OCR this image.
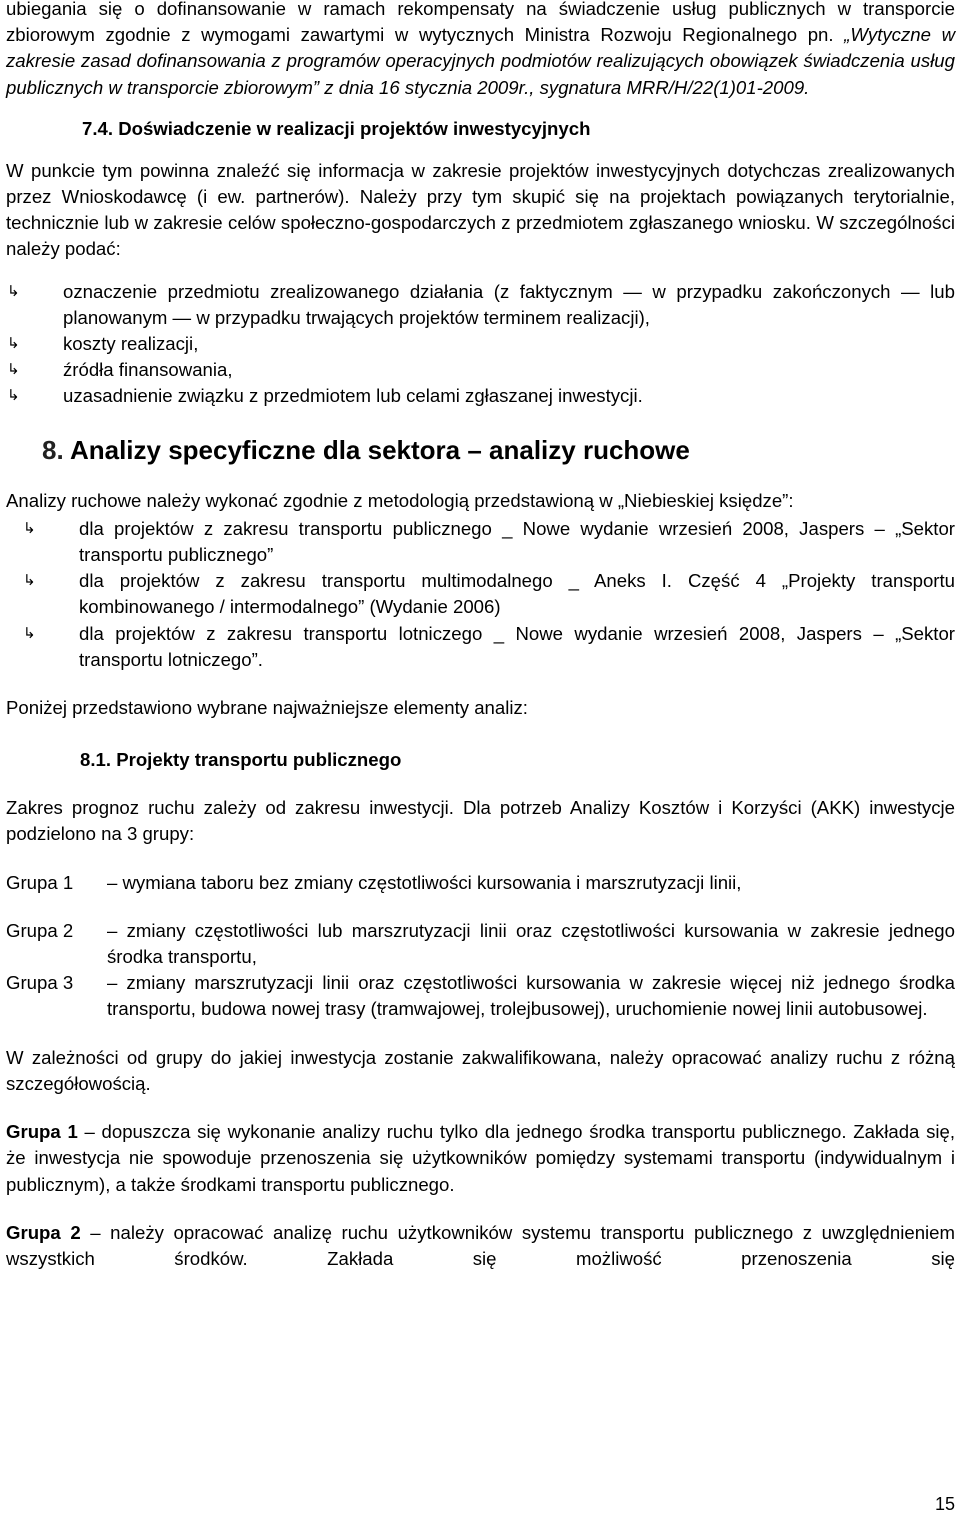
ubiegania się o dofinansowanie w ramach rekompensaty na świadczenie usług publicznych w transporcie zbiorowym zgodnie z wymogami zawartymi w wytycznych Ministra Rozwoju Regionalnego pn. „Wytyczne w zakresie zasad dofinansowania z programów operacyjnych podmiotów realizujących obowiązek świadczenia usług publicznych w transporcie zbiorowym” z dnia 16 stycznia 2009r., sygnatura MRR/H/22(1)01-2009.

7.4. Doświadczenie w realizacji projektów inwestycyjnych

W punkcie tym powinna znaleźć się informacja w zakresie projektów inwestycyjnych dotychczas zrealizowanych przez Wnioskodawcę (i ew. partnerów). Należy przy tym skupić się na projektach powiązanych terytorialnie, technicznie lub w zakresie celów społeczno-gospodarczych z przedmiotem zgłaszanego wniosku. W szczególności należy podać:

↳ oznaczenie przedmiotu zrealizowanego działania (z faktycznym — w przypadku zakończonych — lub planowanym — w przypadku trwających projektów terminem realizacji),
↳ koszty realizacji,
↳ źródła finansowania,
↳ uzasadnienie związku z przedmiotem lub celami zgłaszanej inwestycji.
8. Analizy specyficzne dla sektora – analizy ruchowe

Analizy ruchowe należy wykonać zgodnie z metodologią przedstawioną w „Niebieskiej księdze”:

↳ dla projektów z zakresu transportu publicznego _ Nowe wydanie wrzesień 2008, Jaspers – „Sektor transportu publicznego”
↳ dla projektów z zakresu transportu multimodalnego _ Aneks I. Część 4 „Projekty transportu kombinowanego / intermodalnego” (Wydanie 2006)
↳ dla projektów z zakresu transportu lotniczego _ Nowe wydanie wrzesień 2008, Jaspers – „Sektor transportu lotniczego”.

Poniżej przedstawiono wybrane najważniejsze elementy analiz:

8.1. Projekty transportu publicznego

Zakres prognoz ruchu zależy od zakresu inwestycji. Dla potrzeb Analizy Kosztów i Korzyści (AKK) inwestycje podzielono na 3 grupy:

Grupa 1 – wymiana taboru bez zmiany częstotliwości kursowania i marszrutyzacji linii,

Grupa 2 – zmiany częstotliwości lub marszrutyzacji linii oraz częstotliwości kursowania w zakresie jednego środka transportu,

Grupa 3 – zmiany marszrutyzacji linii oraz częstotliwości kursowania w zakresie więcej niż jednego środka transportu, budowa nowej trasy (tramwajowej, trolejbusowej), uruchomienie nowej linii autobusowej.

W zależności od grupy do jakiej inwestycja zostanie zakwalifikowana, należy opracować analizy ruchu z różną szczegółowością.

Grupa 1 – dopuszcza się wykonanie analizy ruchu tylko dla jednego środka transportu publicznego. Zakłada się, że inwestycja nie spowoduje przenoszenia się użytkowników pomiędzy systemami transportu (indywidualnym i publicznym), a także środkami transportu publicznego.

Grupa 2 – należy opracować analizę ruchu użytkowników systemu transportu publicznego z uwzględnieniem wszystkich środków. Zakłada się możliwość przenoszenia się

15
